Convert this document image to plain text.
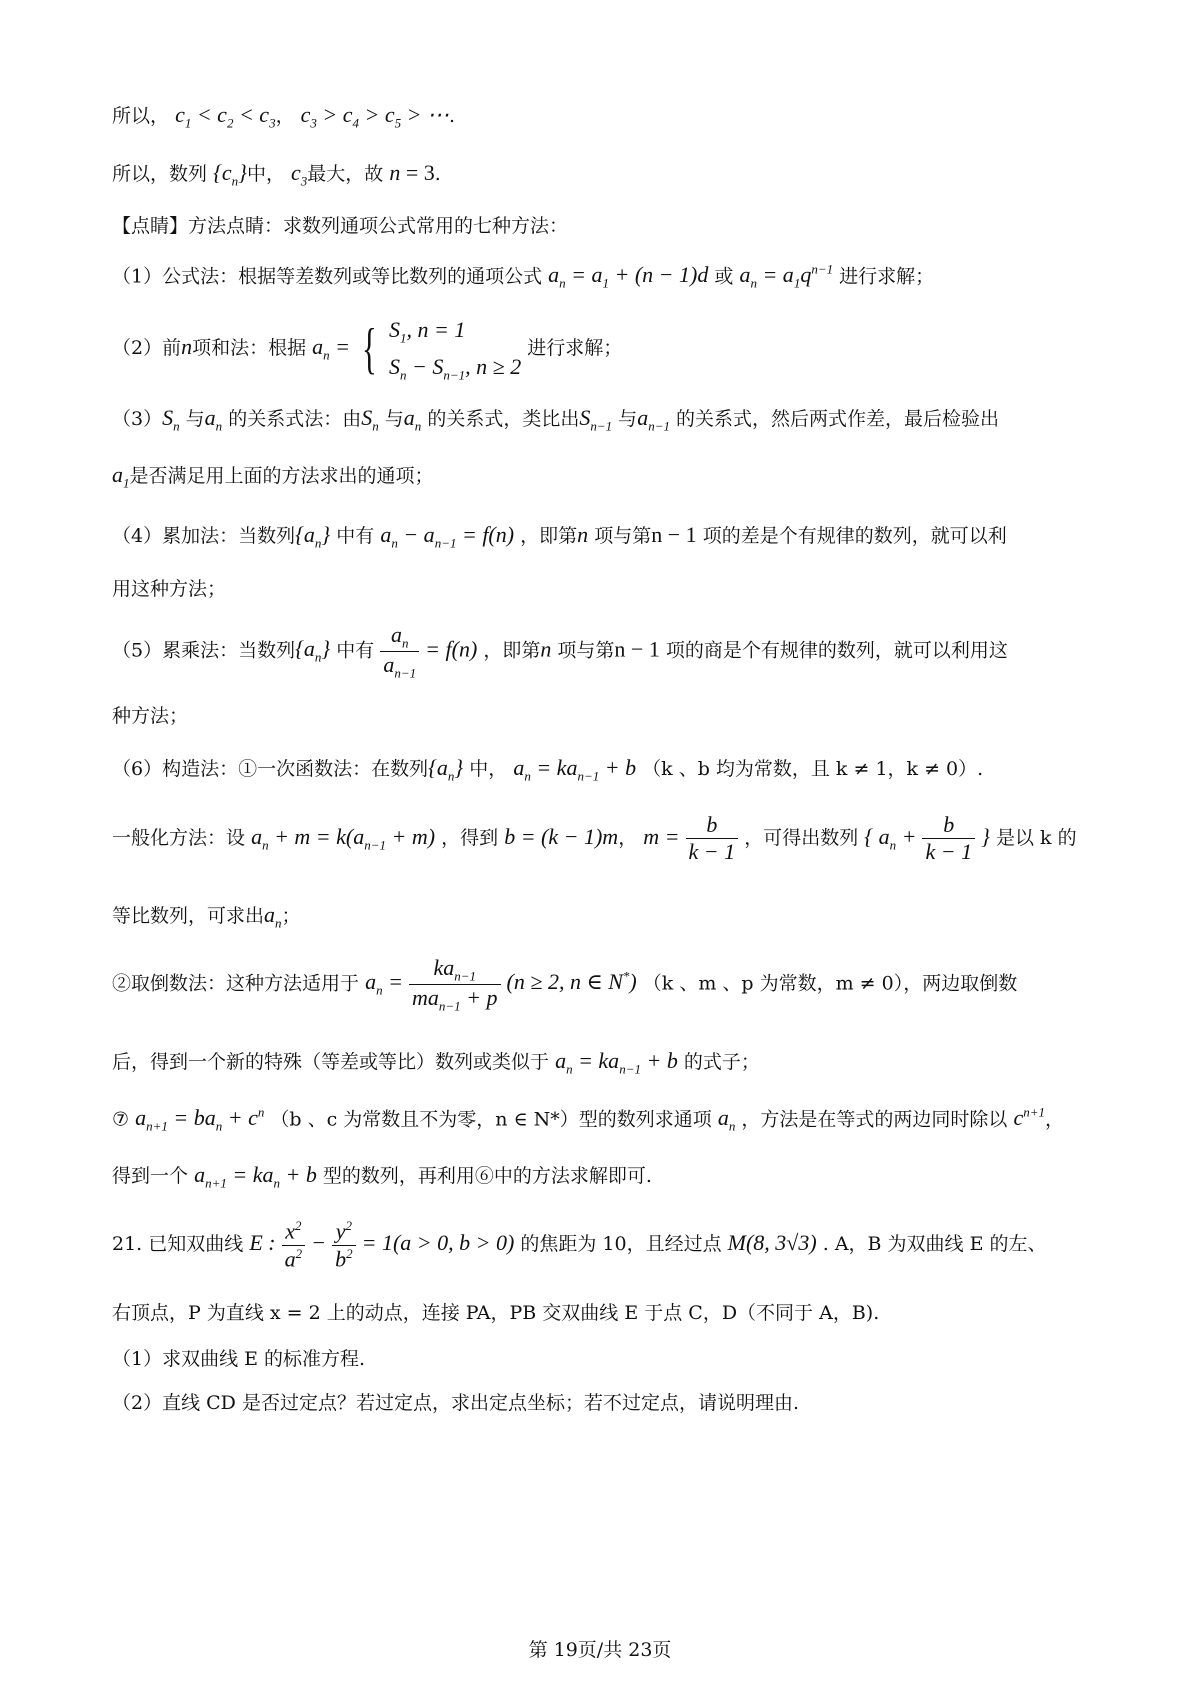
所以， $c_1 < c_2 < c_3$， $c_3 > c_4 > c_5$ > ⋯.
所以，数列 $\{c_n\}$中， $c_3$最大，故 n = 3.
【点睛】方法点睛：求数列通项公式常用的七种方法：
（1）公式法：根据等差数列或等比数列的通项公式 $a_n = a_1 + (n - 1)d$ 或 $a_n = a_1q^{n-1}$ 进行求解；
（2）前n项和法：根据 $a_n$ = { $S_1$, n = 1
$S_n - S_{n-1}$, n ≥ 2
进行求解；
$(3)S_n$ 与$a_n$ 的关系式法：由$S_n$ 与$a_n$ 的关系式，类比出$S_{n-1}$ 与$a_{n-1}$ 的关系式，然后两式作差，最后检验出
$a_1$是否满足用上面的方法求出的通项；
（4）累加法：当数列$\{a_n\}$ 中有 $a_n - a_{n-1} = f(n)$ ，即第n 项与第n − 1 项的差是个有规律的数列，就可以利
用这种方法；
（5）累乘法：当数列$\{a_n\}$ 中有 $\frac{a_n}{a_{n-1}} = f(n)$ ，即第n 项与第n − 1 项的商是个有规律的数列，就可以利用这
种方法；
（6）构造法：①一次函数法：在数列$\{a_n\}$ 中， $a_n = ka_{n-1} + b$ （k 、b 均为常数，且 k ≠ 1，k ≠ 0）.
一般化方法：设 $a_n + m = k(a_{n-1} + m)$ ，得到 b = (k − 1)m， $m = \frac{b}{k - 1}$ ，可得出数列 { $a_n + \frac{b}{k - 1}$ } 是以 k 的
等比数列，可求出$a_n$；
②取倒数法：这种方法适用于 $a_n = \frac{ka_{n-1}}{ma_{n-1} + p} (n \ge 2$, n ∈ N*) （k 、m 、p 为常数，m ≠ 0），两边取倒数
后，得到一个新的特殊（等差或等比）数列或类似于 $a_n = ka_{n-1} + b$ 的式子；
⑦ $a_{n+1} = ba_n + c^n$ （b 、c 为常数且不为零，n ∈ N*）型的数列求通项 $a_n$ ，方法是在等式的两边同时除以 $c^{n+1}$，
得到一个 $a_{n+1} = ka_n + b$ 型的数列，再利用⑥中的方法求解即可.
21. 已知双曲线 E : $\frac{x^2}{a^2} - \frac{y^2}{b^2} = 1(a > 0$, b > 0) 的焦距为 10，且经过点 M(8, 3√3) . A，B 为双曲线 E 的左、
右顶点，P 为直线 x = 2 上的动点，连接 PA，PB 交双曲线 E 于点 C，D（不同于 A，B).
（1）求双曲线 E 的标准方程.
（2）直线 CD 是否过定点？若过定点，求出定点坐标；若不过定点，请说明理由.
第 19页/共 23页
